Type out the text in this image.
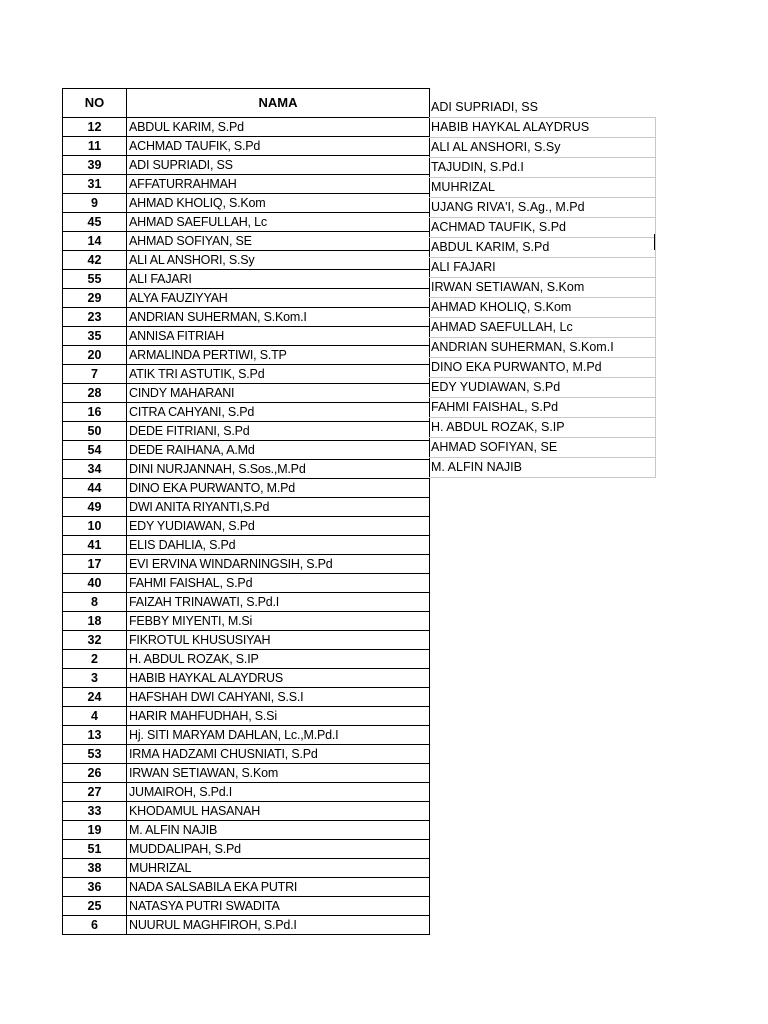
NO	NAMA
12	ABDUL KARIM, S.Pd
11	ACHMAD TAUFIK, S.Pd
39	ADI SUPRIADI, SS
31	AFFATURRAHMAH
9	AHMAD KHOLIQ, S.Kom
45	AHMAD SAEFULLAH, Lc
14	AHMAD SOFIYAN, SE
42	ALI AL ANSHORI, S.Sy
55	ALI FAJARI
29	ALYA FAUZIYYAH
23	ANDRIAN SUHERMAN, S.Kom.I
35	ANNISA FITRIAH
20	ARMALINDA PERTIWI, S.TP
7	ATIK TRI ASTUTIK, S.Pd
28	CINDY MAHARANI
16	CITRA CAHYANI, S.Pd
50	DEDE FITRIANI, S.Pd
54	DEDE RAIHANA, A.Md
34	DINI NURJANNAH, S.Sos.,M.Pd
44	DINO EKA PURWANTO, M.Pd
49	DWI ANITA RIYANTI,S.Pd
10	EDY YUDIAWAN, S.Pd
41	ELIS DAHLIA, S.Pd
17	EVI ERVINA WINDARNINGSIH, S.Pd
40	FAHMI FAISHAL, S.Pd
8	FAIZAH TRINAWATI, S.Pd.I
18	FEBBY MIYENTI, M.Si
32	FIKROTUL KHUSUSIYAH
2	H. ABDUL ROZAK, S.IP
3	HABIB HAYKAL ALAYDRUS
24	HAFSHAH DWI CAHYANI, S.S.I
4	HARIR MAHFUDHAH, S.Si
13	Hj. SITI MARYAM DAHLAN, Lc.,M.Pd.I
53	IRMA HADZAMI CHUSNIATI, S.Pd
26	IRWAN SETIAWAN, S.Kom
27	JUMAIROH, S.Pd.I
33	KHODAMUL HASANAH
19	M. ALFIN NAJIB
51	MUDDALIPAH, S.Pd
38	MUHRIZAL
36	NADA SALSABILA EKA PUTRI
25	NATASYA PUTRI SWADITA
6	NUURUL MAGHFIROH, S.Pd.I
ADI SUPRIADI, SS
HABIB HAYKAL ALAYDRUS
ALI AL ANSHORI, S.Sy
TAJUDIN, S.Pd.I
MUHRIZAL
UJANG RIVA'I, S.Ag., M.Pd
ACHMAD TAUFIK, S.Pd
ABDUL KARIM, S.Pd
ALI FAJARI
IRWAN SETIAWAN, S.Kom
AHMAD KHOLIQ, S.Kom
AHMAD SAEFULLAH, Lc
ANDRIAN SUHERMAN, S.Kom.I
DINO EKA PURWANTO, M.Pd
EDY YUDIAWAN, S.Pd
FAHMI FAISHAL, S.Pd
H. ABDUL ROZAK, S.IP
AHMAD SOFIYAN, SE
M. ALFIN NAJIB
